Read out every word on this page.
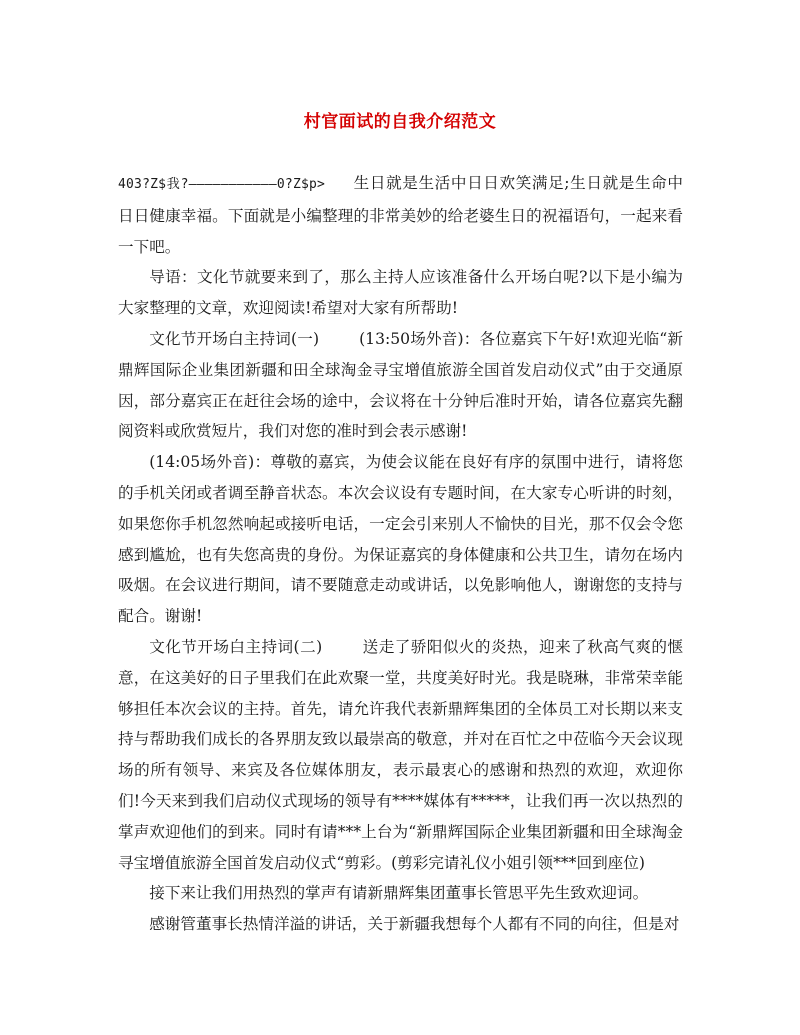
村官面试的自我介绍范文

403?Z$我?———————————0?Z$p> 生日就是生活中日日欢笑满足;生日就是生命中日日健康幸福。下面就是小编整理的非常美妙的给老婆生日的祝福语句，一起来看一下吧。

导语：文化节就要来到了，那么主持人应该准备什么开场白呢?以下是小编为大家整理的文章，欢迎阅读!希望对大家有所帮助!

文化节开场白主持词(一)	(13:50场外音)：各位嘉宾下午好!欢迎光临“新鼎辉国际企业集团新疆和田全球淘金寻宝增值旅游全国首发启动仪式”由于交通原因，部分嘉宾正在赶往会场的途中，会议将在十分钟后准时开始，请各位嘉宾先翻阅资料或欣赏短片，我们对您的准时到会表示感谢!

(14:05场外音)：尊敬的嘉宾，为使会议能在良好有序的氛围中进行，请将您的手机关闭或者调至静音状态。本次会议设有专题时间，在大家专心听讲的时刻，如果您你手机忽然响起或接听电话，一定会引来别人不愉快的目光，那不仅会令您感到尴尬，也有失您高贵的身份。为保证嘉宾的身体健康和公共卫生，请勿在场内吸烟。在会议进行期间，请不要随意走动或讲话，以免影响他人，谢谢您的支持与配合。谢谢!

文化节开场白主持词(二)	送走了骄阳似火的炎热，迎来了秋高气爽的惬意，在这美好的日子里我们在此欢聚一堂，共度美好时光。我是晓琳，非常荣幸能够担任本次会议的主持。首先，请允许我代表新鼎辉集团的全体员工对长期以来支持与帮助我们成长的各界朋友致以最崇高的敬意，并对在百忙之中莅临今天会议现场的所有领导、来宾及各位媒体朋友，表示最衷心的感谢和热烈的欢迎，欢迎你们!今天来到我们启动仪式现场的领导有****媒体有*****，让我们再一次以热烈的掌声欢迎他们的到来。同时有请***上台为“新鼎辉国际企业集团新疆和田全球淘金寻宝增值旅游全国首发启动仪式“剪彩。(剪彩完请礼仪小姐引领***回到座位)

接下来让我们用热烈的掌声有请新鼎辉集团董事长管思平先生致欢迎词。

感谢管董事长热情洋溢的讲话，关于新疆我想每个人都有不同的向往，但是对
